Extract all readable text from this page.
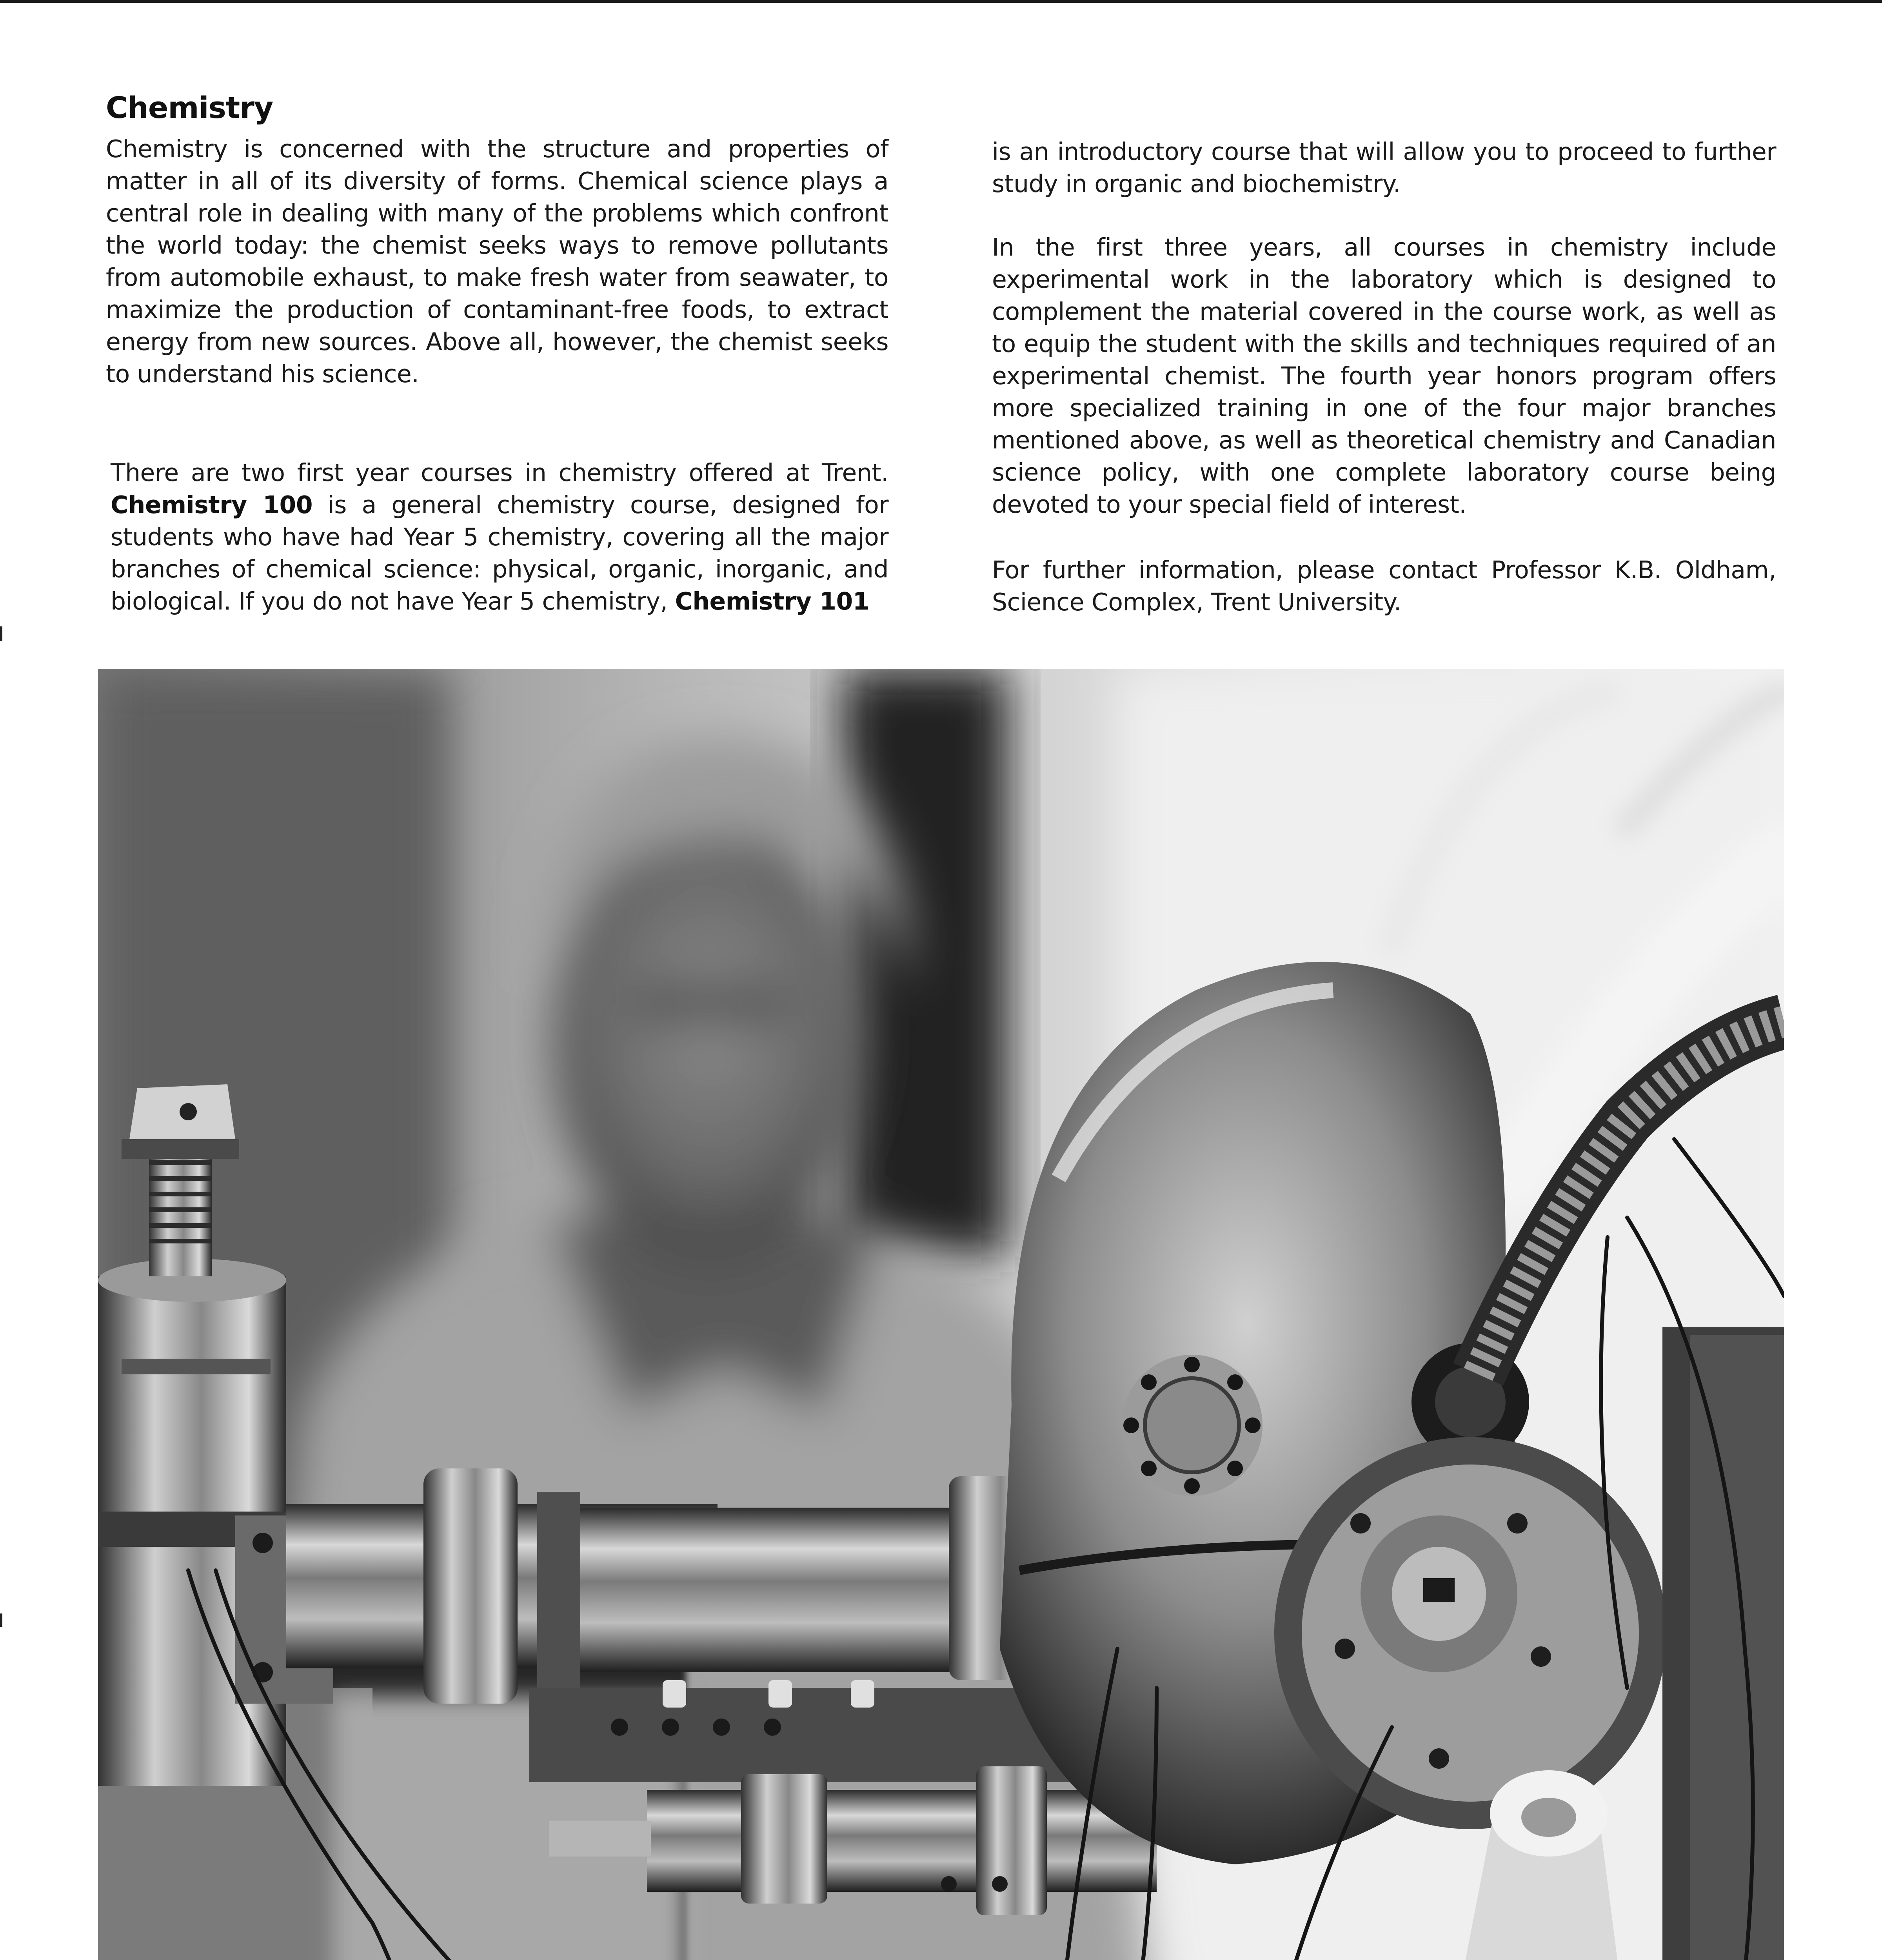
Chemistry

Chemistry is concerned with the structure and properties of matter in all of its diversity of forms. Chemical science plays a central role in dealing with many of the problems which confront the world today: the chemist seeks ways to remove pollutants from automobile exhaust, to make fresh water from seawater, to maximize the production of contaminant-free foods, to extract energy from new sources. Above all, however, the chemist seeks to understand his science.

There are two first year courses in chemistry offered at Trent. Chemistry 100 is a general chemistry course, designed for students who have had Year 5 chemistry, covering all the major branches of chemical science: physical, organic, inorganic, and biological. If you do not have Year 5 chemistry, Chemistry 101

is an introductory course that will allow you to proceed to further study in organic and biochemistry.

In the first three years, all courses in chemistry include experimental work in the laboratory which is designed to complement the material covered in the course work, as well as to equip the student with the skills and techniques required of an experimental chemist. The fourth year honors program offers more specialized training in one of the four major branches mentioned above, as well as theoretical chemistry and Canadian science policy, with one complete laboratory course being devoted to your special field of interest.

For further information, please contact Professor K.B. Oldham, Science Complex, Trent University.
